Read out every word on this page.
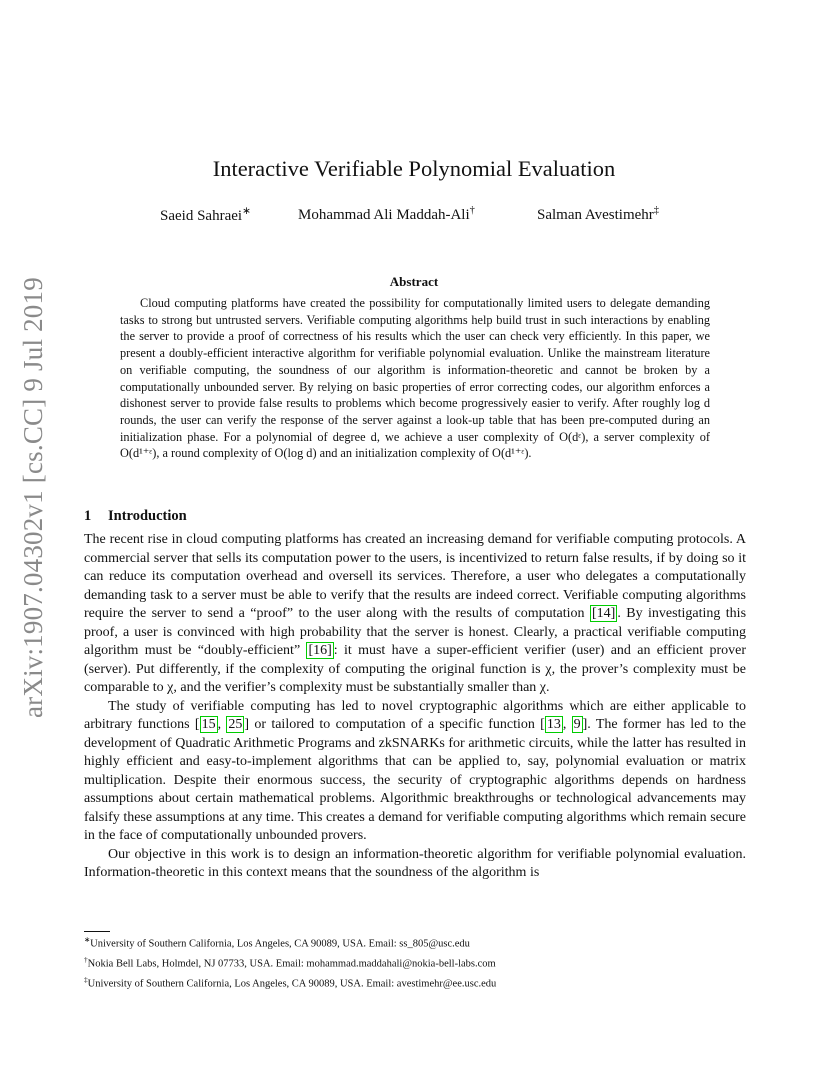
arXiv:1907.04302v1 [cs.CC] 9 Jul 2019
Interactive Verifiable Polynomial Evaluation
Saeid Sahraei∗	Mohammad Ali Maddah-Ali†	Salman Avestimehr‡
Abstract
Cloud computing platforms have created the possibility for computationally limited users to delegate demanding tasks to strong but untrusted servers. Verifiable computing algorithms help build trust in such interactions by enabling the server to provide a proof of correctness of his results which the user can check very efficiently. In this paper, we present a doubly-efficient interactive algorithm for verifiable polynomial evaluation. Unlike the mainstream literature on verifiable computing, the soundness of our algorithm is information-theoretic and cannot be broken by a computationally unbounded server. By relying on basic properties of error correcting codes, our algorithm enforces a dishonest server to provide false results to problems which become progressively easier to verify. After roughly log d rounds, the user can verify the response of the server against a look-up table that has been pre-computed during an initialization phase. For a polynomial of degree d, we achieve a user complexity of O(dᵋ), a server complexity of O(d¹⁺ᵋ), a round complexity of O(log d) and an initialization complexity of O(d¹⁺ᵋ).
1 Introduction

The recent rise in cloud computing platforms has created an increasing demand for verifiable computing protocols. A commercial server that sells its computation power to the users, is incentivized to return false results, if by doing so it can reduce its computation overhead and oversell its services. Therefore, a user who delegates a computationally demanding task to a server must be able to verify that the results are indeed correct. Verifiable computing algorithms require the server to send a “proof” to the user along with the results of computation [14] . By investigating this proof, a user is convinced with high probability that the server is honest. Clearly, a practical verifiable computing algorithm must be “doubly-efficient” [16] : it must have a super-efficient verifier (user) and an efficient prover (server). Put differently, if the complexity of computing the original function is χ, the prover’s complexity must be comparable to χ, and the verifier’s complexity must be substantially smaller than χ.

The study of verifiable computing has led to novel cryptographic algorithms which are either applicable to arbitrary functions [ 15 , 25 ] or tailored to computation of a specific function [ 13 , 9 ]. The former has led to the development of Quadratic Arithmetic Programs and zkSNARKs for arithmetic circuits, while the latter has resulted in highly efficient and easy-to-implement algorithms that can be applied to, say, polynomial evaluation or matrix multiplication. Despite their enormous success, the security of cryptographic algorithms depends on hardness assumptions about certain mathematical problems. Algorithmic breakthroughs or technological advancements may falsify these assumptions at any time. This creates a demand for verifiable computing algorithms which remain secure in the face of computationally unbounded provers.

Our objective in this work is to design an information-theoretic algorithm for verifiable polynomial evaluation. Information-theoretic in this context means that the soundness of the algorithm is

∗University of Southern California, Los Angeles, CA 90089, USA. Email: ss_805@usc.edu
†Nokia Bell Labs, Holmdel, NJ 07733, USA. Email: mohammad.maddahali@nokia-bell-labs.com
‡University of Southern California, Los Angeles, CA 90089, USA. Email: avestimehr@ee.usc.edu
